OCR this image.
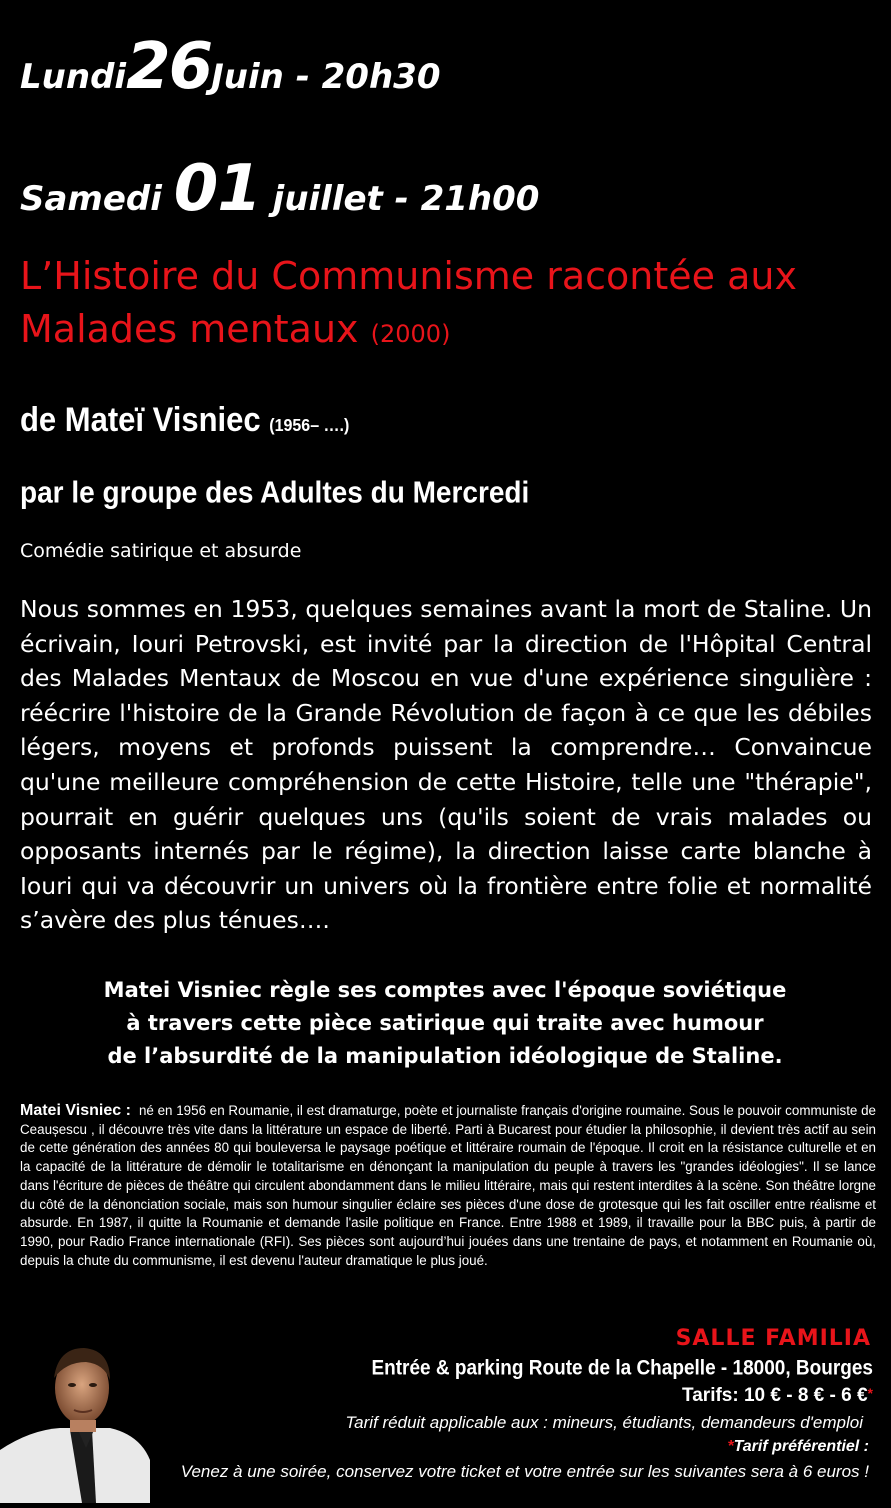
Lundi26Juin - 20h30
Samedi 01 juillet - 21h00
L’Histoire du Communisme racontée aux Malades mentaux (2000)
de Mateï Visniec (1956– ….)
par le groupe des Adultes du Mercredi
Comédie satirique et absurde
Nous sommes en 1953, quelques semaines avant la mort de Staline. Un écrivain, Iouri Petrovski, est invité par la direction de l'Hôpital Central des Malades Mentaux de Moscou en vue d'une expérience singulière : réécrire l'histoire de la Grande Révolution de façon à ce que les débiles légers, moyens et profonds puissent la comprendre… Convaincue qu'une meilleure compréhension de cette Histoire, telle une "thérapie", pourrait en guérir quelques uns (qu'ils soient de vrais malades ou opposants internés par le régime), la direction laisse carte blanche à Iouri qui va découvrir un univers où la frontière entre folie et normalité s’avère des plus ténues….
Matei Visniec règle ses comptes avec l'époque soviétique
à travers cette pièce satirique qui traite avec humour
de l’absurdité de la manipulation idéologique de Staline.
Matei Visniec : né en 1956 en Roumanie, il est dramaturge, poète et journaliste français d'origine roumaine. Sous le pouvoir communiste de Ceaușescu , il découvre très vite dans la littérature un espace de liberté. Parti à Bucarest pour étudier la philosophie, il devient très actif au sein de cette génération des années 80 qui bouleversa le paysage poétique et littéraire roumain de l'époque. Il croit en la résistance culturelle et en la capacité de la littérature de démolir le totalitarisme en dénonçant la manipulation du peuple à travers les "grandes idéologies". Il se lance dans l'écriture de pièces de théâtre qui circulent abondamment dans le milieu littéraire, mais qui restent interdites à la scène. Son théâtre lorgne du côté de la dénonciation sociale, mais son humour singulier éclaire ses pièces d'une dose de grotesque qui les fait osciller entre réalisme et absurde. En 1987, il quitte la Roumanie et demande l'asile politique en France. Entre 1988 et 1989, il travaille pour la BBC puis, à partir de 1990, pour Radio France internationale (RFI). Ses pièces sont aujourd’hui jouées dans une trentaine de pays, et notamment en Roumanie où, depuis la chute du communisme, il est devenu l'auteur dramatique le plus joué.
SALLE FAMILIA
Entrée & parking Route de la Chapelle - 18000, Bourges
Tarifs: 10 € - 8 € - 6 €*
Tarif réduit applicable aux : mineurs, étudiants, demandeurs d'emploi
*Tarif préférentiel :
Venez à une soirée, conservez votre ticket et votre entrée sur les suivantes sera à 6 euros !
